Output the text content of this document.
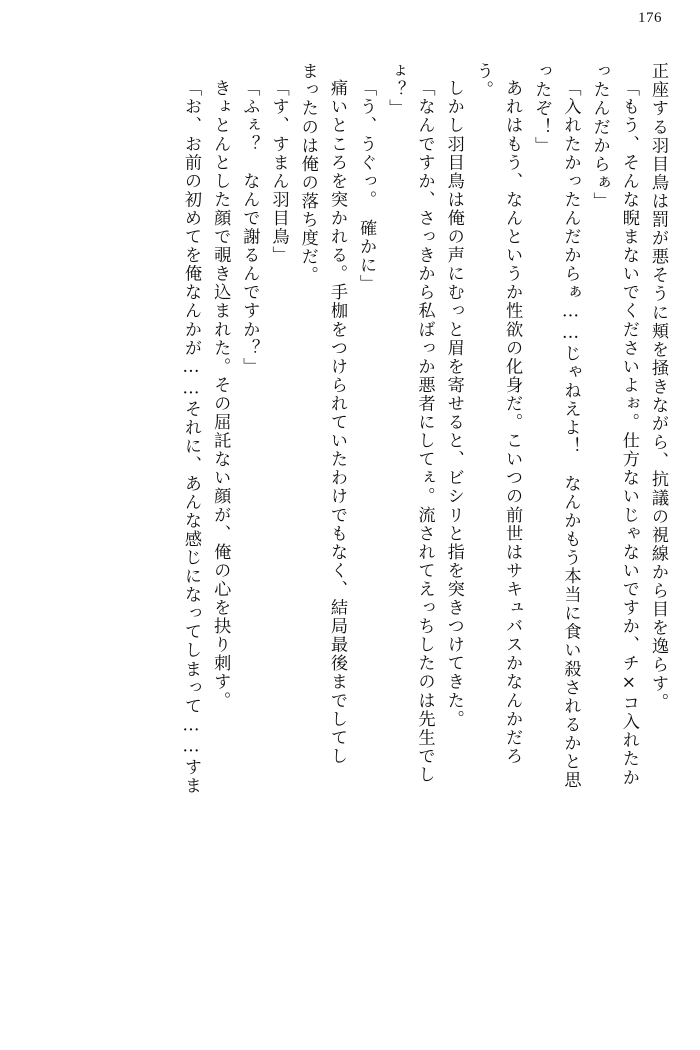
176
正座する羽目鳥は罰が悪そうに頬を掻きながら、抗議の視線から目を逸らす。
「もう、そんな睨まないでくださいよぉ。仕方ないじゃないですか、チ×コ入れたか
ったんだからぁ」
「入れたかったんだからぁ……じゃねえよ！　なんかもう本当に食い殺されるかと思
ったぞ！」
あれはもう、なんというか性欲の化身だ。こいつの前世はサキュバスかなんかだろ
う。
しかし羽目鳥は俺の声にむっと眉を寄せると、ビシリと指を突きつけてきた。
「なんですか、さっきから私ばっか悪者にしてぇ。流されてえっちしたのは先生でし
ょ？」
「う、うぐっ。　確かに」
痛いところを突かれる。手枷をつけられていたわけでもなく、結局最後までしてし
まったのは俺の落ち度だ。
「す、すまん羽目鳥」
「ふぇ？　なんで謝るんですか？」
きょとんとした顔で覗き込まれた。その屈託ない顔が、俺の心を抉り刺す。
「お、お前の初めてを俺なんかが……それに、あんな感じになってしまって……すま
